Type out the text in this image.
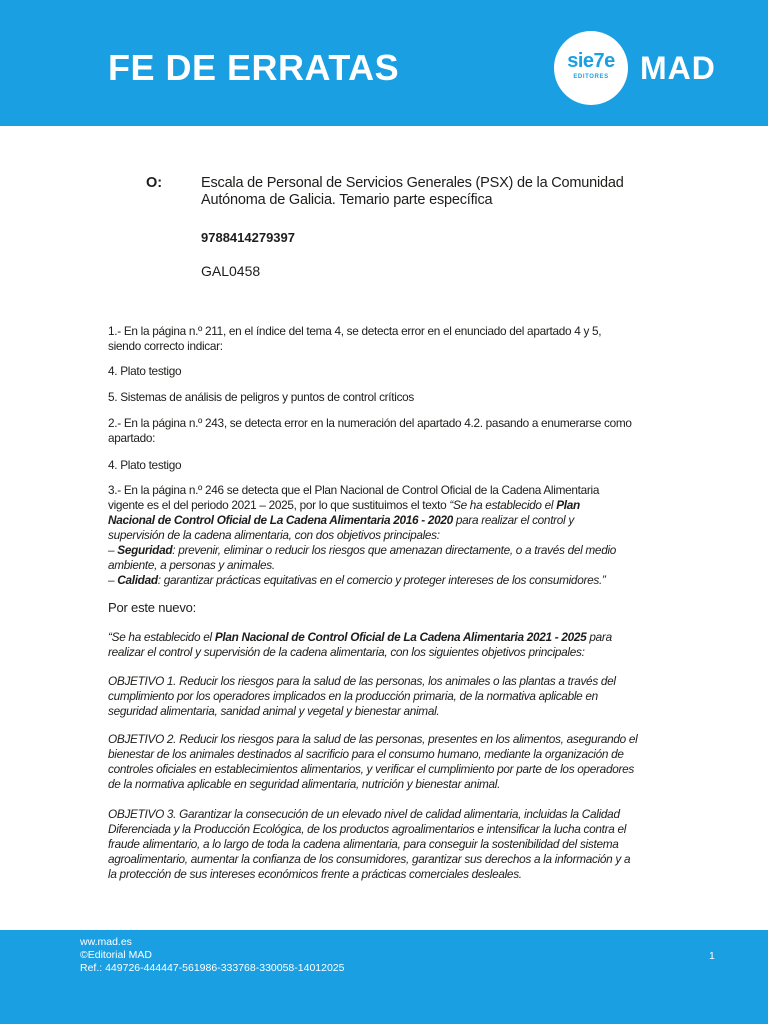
FE DE ERRATAS	sie7e
EDITORES MAD
O:	Escala de Personal de Servicios Generales (PSX) de la Comunidad
Autónoma de Galicia. Temario parte específica
9788414279397
GAL0458
1.- En la página n.º 211, en el índice del tema 4, se detecta error en el enunciado del apartado 4 y 5,
siendo correcto indicar:
4. Plato testigo
5. Sistemas de análisis de peligros y puntos de control críticos
2.- En la página n.º 243, se detecta error en la numeración del apartado 4.2. pasando a enumerarse como
apartado:
4. Plato testigo
3.- En la página n.º 246 se detecta que el Plan Nacional de Control Oficial de la Cadena Alimentaria
vigente es el del periodo 2021 – 2025, por lo que sustituimos el texto “Se ha establecido el Plan
Nacional de Control Oficial de La Cadena Alimentaria 2016 - 2020 para realizar el control y
supervisión de la cadena alimentaria, con dos objetivos principales:
– Seguridad: prevenir, eliminar o reducir los riesgos que amenazan directamente, o a través del medio
ambiente, a personas y animales.
– Calidad: garantizar prácticas equitativas en el comercio y proteger intereses de los consumidores.”
Por este nuevo:
“Se ha establecido el Plan Nacional de Control Oficial de La Cadena Alimentaria 2021 - 2025 para
realizar el control y supervisión de la cadena alimentaria, con los siguientes objetivos principales:
OBJETIVO 1. Reducir los riesgos para la salud de las personas, los animales o las plantas a través del
cumplimiento por los operadores implicados en la producción primaria, de la normativa aplicable en
seguridad alimentaria, sanidad animal y vegetal y bienestar animal.
OBJETIVO 2. Reducir los riesgos para la salud de las personas, presentes en los alimentos, asegurando el
bienestar de los animales destinados al sacrificio para el consumo humano, mediante la organización de
controles oficiales en establecimientos alimentarios, y verificar el cumplimiento por parte de los operadores
de la normativa aplicable en seguridad alimentaria, nutrición y bienestar animal.
OBJETIVO 3. Garantizar la consecución de un elevado nivel de calidad alimentaria, incluidas la Calidad
Diferenciada y la Producción Ecológica, de los productos agroalimentarios e intensificar la lucha contra el
fraude alimentario, a lo largo de toda la cadena alimentaria, para conseguir la sostenibilidad del sistema
agroalimentario, aumentar la confianza de los consumidores, garantizar sus derechos a la información y a
la protección de sus intereses económicos frente a prácticas comerciales desleales.
ww.mad.es
©Editorial MAD
Ref.: 449726-444447-561986-333768-330058-14012025
1
